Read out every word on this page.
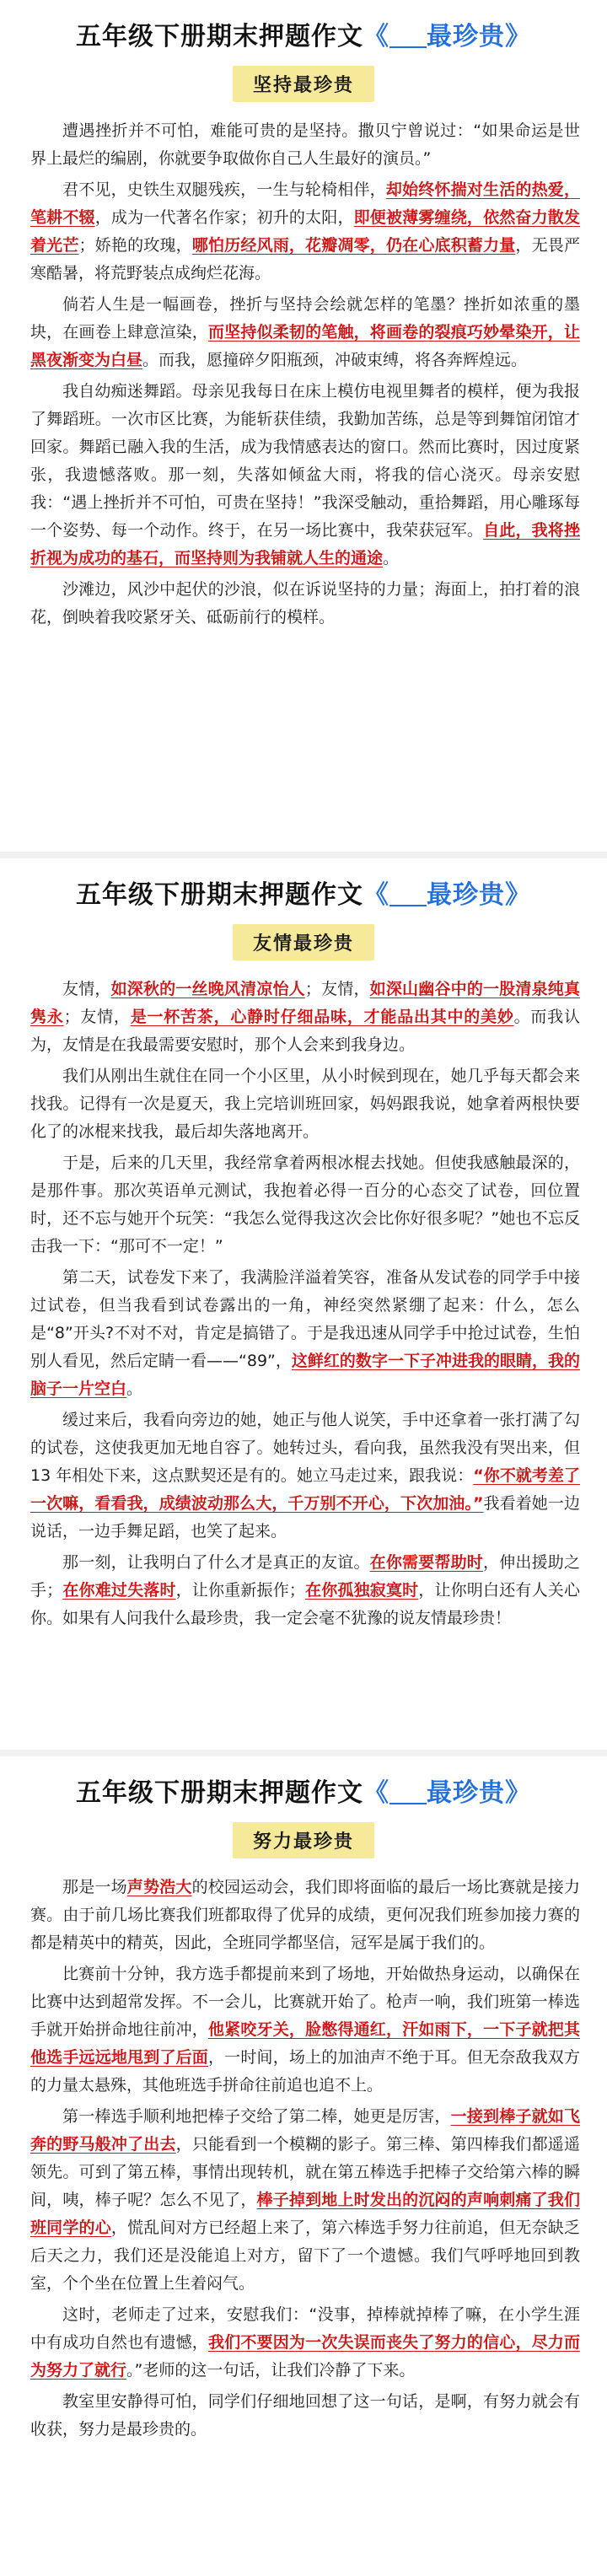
五年级下册期末押题作文《 最珍贵》
坚持最珍贵

遭遇挫折并不可怕，难能可贵的是坚持。撒贝宁曾说过：“如果命运是世界上最烂的编剧，你就要争取做你自己人生最好的演员。”

君不见，史铁生双腿残疾，一生与轮椅相伴，却始终怀揣对生活的热爱，笔耕不辍，成为一代著名作家；初升的太阳，即便被薄雾缠绕，依然奋力散发着光芒；娇艳的玫瑰，哪怕历经风雨，花瓣凋零，仍在心底积蓄力量，无畏严寒酷暑，将荒野装点成绚烂花海。

倘若人生是一幅画卷，挫折与坚持会绘就怎样的笔墨？挫折如浓重的墨块，在画卷上肆意渲染，而坚持似柔韧的笔触，将画卷的裂痕巧妙晕染开，让黑夜渐变为白昼。而我，愿撞碎夕阳瓶颈，冲破束缚，将各奔辉煌远。

我自幼痴迷舞蹈。母亲见我每日在床上模仿电视里舞者的模样，便为我报了舞蹈班。一次市区比赛，为能斩获佳绩，我勤加苦练，总是等到舞馆闭馆才回家。舞蹈已融入我的生活，成为我情感表达的窗口。然而比赛时，因过度紧张，我遗憾落败。那一刻，失落如倾盆大雨，将我的信心浇灭。母亲安慰我：“遇上挫折并不可怕，可贵在坚持！”我深受触动，重拾舞蹈，用心雕琢每一个姿势、每一个动作。终于，在另一场比赛中，我荣获冠军。自此，我将挫折视为成功的基石，而坚持则为我铺就人生的通途。

沙滩边，风沙中起伏的沙浪，似在诉说坚持的力量；海面上，拍打着的浪花，倒映着我咬紧牙关、砥砺前行的模样。

五年级下册期末押题作文《 最珍贵》
友情最珍贵

友情，如深秋的一丝晚风清凉怡人；友情，如深山幽谷中的一股清泉纯真隽永；友情，是一杯苦茶，心静时仔细品味，才能品出其中的美妙。而我认为，友情是在我最需要安慰时，那个人会来到我身边。

我们从刚出生就住在同一个小区里，从小时候到现在，她几乎每天都会来找我。记得有一次是夏天，我上完培训班回家，妈妈跟我说，她拿着两根快要化了的冰棍来找我，最后却失落地离开。

于是，后来的几天里，我经常拿着两根冰棍去找她。但使我感触最深的，是那件事。那次英语单元测试，我抱着必得一百分的心态交了试卷，回位置时，还不忘与她开个玩笑：“我怎么觉得我这次会比你好很多呢？”她也不忘反击我一下：“那可不一定！”

第二天，试卷发下来了，我满脸洋溢着笑容，准备从发试卷的同学手中接过试卷，但当我看到试卷露出的一角，神经突然紧绷了起来：什么，怎么是“8”开头?不对不对，肯定是搞错了。于是我迅速从同学手中抢过试卷，生怕别人看见，然后定睛一看——“89”，这鲜红的数字一下子冲进我的眼睛，我的脑子一片空白。

缓过来后，我看向旁边的她，她正与他人说笑，手中还拿着一张打满了勾的试卷，这使我更加无地自容了。她转过头，看向我，虽然我没有哭出来，但 13 年相处下来，这点默契还是有的。她立马走过来，跟我说：“你不就考差了一次嘛，看看我，成绩波动那么大，千万别不开心，下次加油。”我看着她一边说话，一边手舞足蹈，也笑了起来。

那一刻，让我明白了什么才是真正的友谊。在你需要帮助时，伸出援助之手；在你难过失落时，让你重新振作；在你孤独寂寞时，让你明白还有人关心你。如果有人问我什么最珍贵，我一定会毫不犹豫的说友情最珍贵！

五年级下册期末押题作文《 最珍贵》
努力最珍贵

那是一场声势浩大的校园运动会，我们即将面临的最后一场比赛就是接力赛。由于前几场比赛我们班都取得了优异的成绩，更何况我们班参加接力赛的都是精英中的精英，因此，全班同学都坚信，冠军是属于我们的。

比赛前十分钟，我方选手都提前来到了场地，开始做热身运动，以确保在比赛中达到超常发挥。不一会儿，比赛就开始了。枪声一响，我们班第一棒选手就开始拼命地往前冲，他紧咬牙关，脸憋得通红，汗如雨下，一下子就把其他选手远远地甩到了后面，一时间，场上的加油声不绝于耳。但无奈敌我双方的力量太悬殊，其他班选手拼命往前追也追不上。

第一棒选手顺利地把棒子交给了第二棒，她更是厉害，一接到棒子就如飞奔的野马般冲了出去，只能看到一个模糊的影子。第三棒、第四棒我们都遥遥领先。可到了第五棒，事情出现转机，就在第五棒选手把棒子交给第六棒的瞬间，咦，棒子呢？怎么不见了，棒子掉到地上时发出的沉闷的声响刺痛了我们班同学的心，慌乱间对方已经超上来了，第六棒选手努力往前追，但无奈缺乏后天之力，我们还是没能追上对方，留下了一个遗憾。我们气呼呼地回到教室，个个坐在位置上生着闷气。

这时，老师走了过来，安慰我们：“没事，掉棒就掉棒了嘛，在小学生涯中有成功自然也有遗憾，我们不要因为一次失误而丧失了努力的信心，尽力而为努力了就行。”老师的这一句话，让我们冷静了下来。

教室里安静得可怕，同学们仔细地回想了这一句话，是啊，有努力就会有收获，努力是最珍贵的。
